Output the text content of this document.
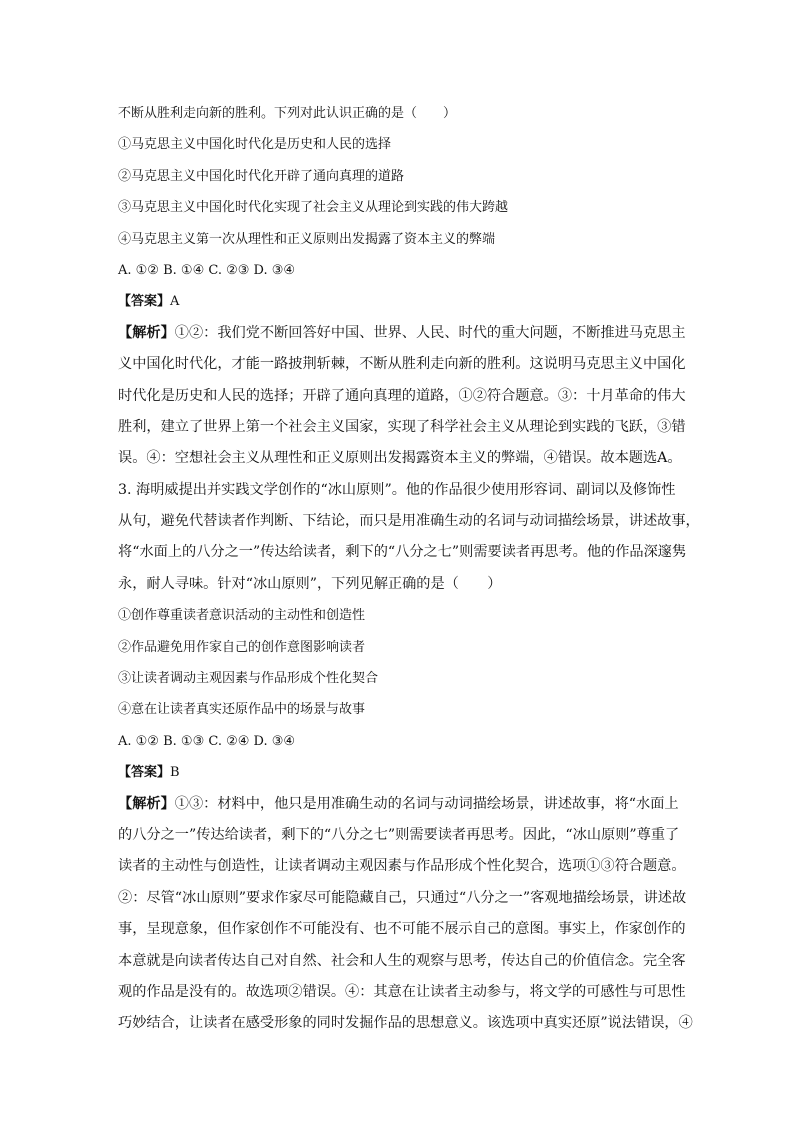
不断从胜利走向新的胜利。下列对此认识正确的是（　　）
①马克思主义中国化时代化是历史和人民的选择
②马克思主义中国化时代化开辟了通向真理的道路
③马克思主义中国化时代化实现了社会主义从理论到实践的伟大跨越
④马克思主义第一次从理性和正义原则出发揭露了资本主义的弊端
A. ①② B. ①④ C. ②③ D. ③④
【答案】A
【解析】①②：我们党不断回答好中国、世界、人民、时代的重大问题，不断推进马克思主
义中国化时代化，才能一路披荆斩棘，不断从胜利走向新的胜利。这说明马克思主义中国化
时代化是历史和人民的选择；开辟了通向真理的道路，①②符合题意。③：十月革命的伟大
胜利，建立了世界上第一个社会主义国家，实现了科学社会主义从理论到实践的飞跃，③错
误。④：空想社会主义从理性和正义原则出发揭露资本主义的弊端，④错误。故本题选A。
3. 海明威提出并实践文学创作的“冰山原则”。他的作品很少使用形容词、副词以及修饰性
从句，避免代替读者作判断、下结论，而只是用准确生动的名词与动词描绘场景，讲述故事，
将“水面上的八分之一”传达给读者，剩下的“八分之七”则需要读者再思考。他的作品深邃隽
永，耐人寻味。针对“冰山原则”，下列见解正确的是（　　）
①创作尊重读者意识活动的主动性和创造性
②作品避免用作家自己的创作意图影响读者
③让读者调动主观因素与作品形成个性化契合
④意在让读者真实还原作品中的场景与故事
A. ①② B. ①③ C. ②④ D. ③④
【答案】B
【解析】①③：材料中，他只是用准确生动的名词与动词描绘场景，讲述故事，将“水面上
的八分之一”传达给读者，剩下的“八分之七”则需要读者再思考。因此，“冰山原则”尊重了
读者的主动性与创造性，让读者调动主观因素与作品形成个性化契合，选项①③符合题意。
②：尽管“冰山原则”要求作家尽可能隐藏自己，只通过“八分之一”客观地描绘场景，讲述故
事，呈现意象，但作家创作不可能没有、也不可能不展示自己的意图。事实上，作家创作的
本意就是向读者传达自己对自然、社会和人生的观察与思考，传达自己的价值信念。完全客
观的作品是没有的。故选项②错误。④：其意在让读者主动参与，将文学的可感性与可思性
巧妙结合，让读者在感受形象的同时发掘作品的思想意义。该选项中真实还原”说法错误，④
